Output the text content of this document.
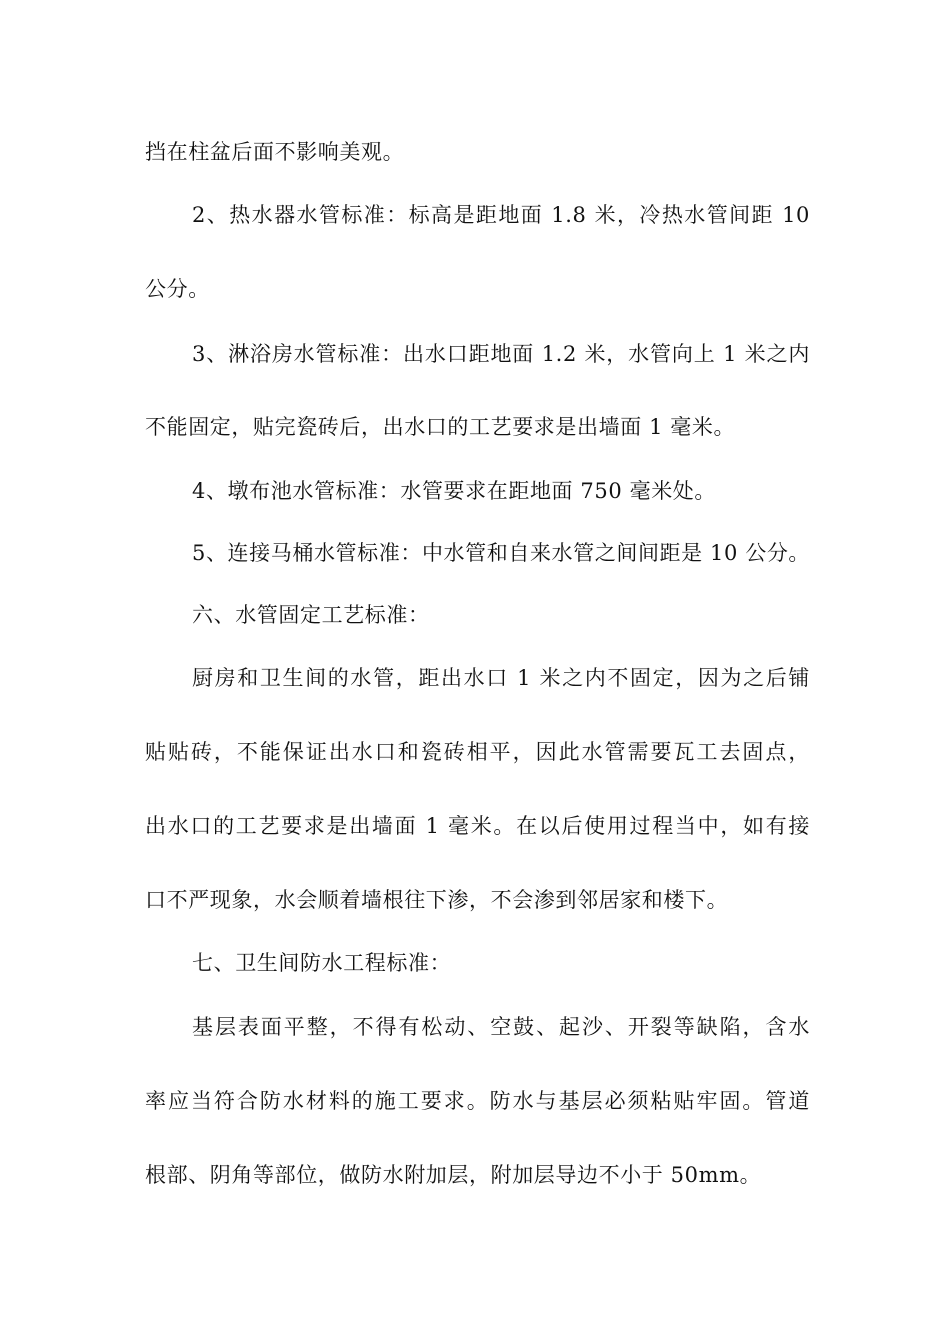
挡在柱盆后面不影响美观。
2、热水器水管标准：标高是距地面 1.8 米，冷热水管间距 10
公分。
3、淋浴房水管标准：出水口距地面 1.2 米，水管向上 1 米之内
不能固定，贴完瓷砖后，出水口的工艺要求是出墙面 1 毫米。
4、墩布池水管标准：水管要求在距地面 750 毫米处。
5、连接马桶水管标准：中水管和自来水管之间间距是 10 公分。
六、水管固定工艺标准：
厨房和卫生间的水管，距出水口 1 米之内不固定，因为之后铺
贴贴砖，不能保证出水口和瓷砖相平，因此水管需要瓦工去固点，
出水口的工艺要求是出墙面 1 毫米。在以后使用过程当中，如有接
口不严现象，水会顺着墙根往下渗，不会渗到邻居家和楼下。
七、卫生间防水工程标准：
基层表面平整，不得有松动、空鼓、起沙、开裂等缺陷，含水
率应当符合防水材料的施工要求。防水与基层必须粘贴牢固。管道
根部、阴角等部位，做防水附加层，附加层导边不小于 50mm。
